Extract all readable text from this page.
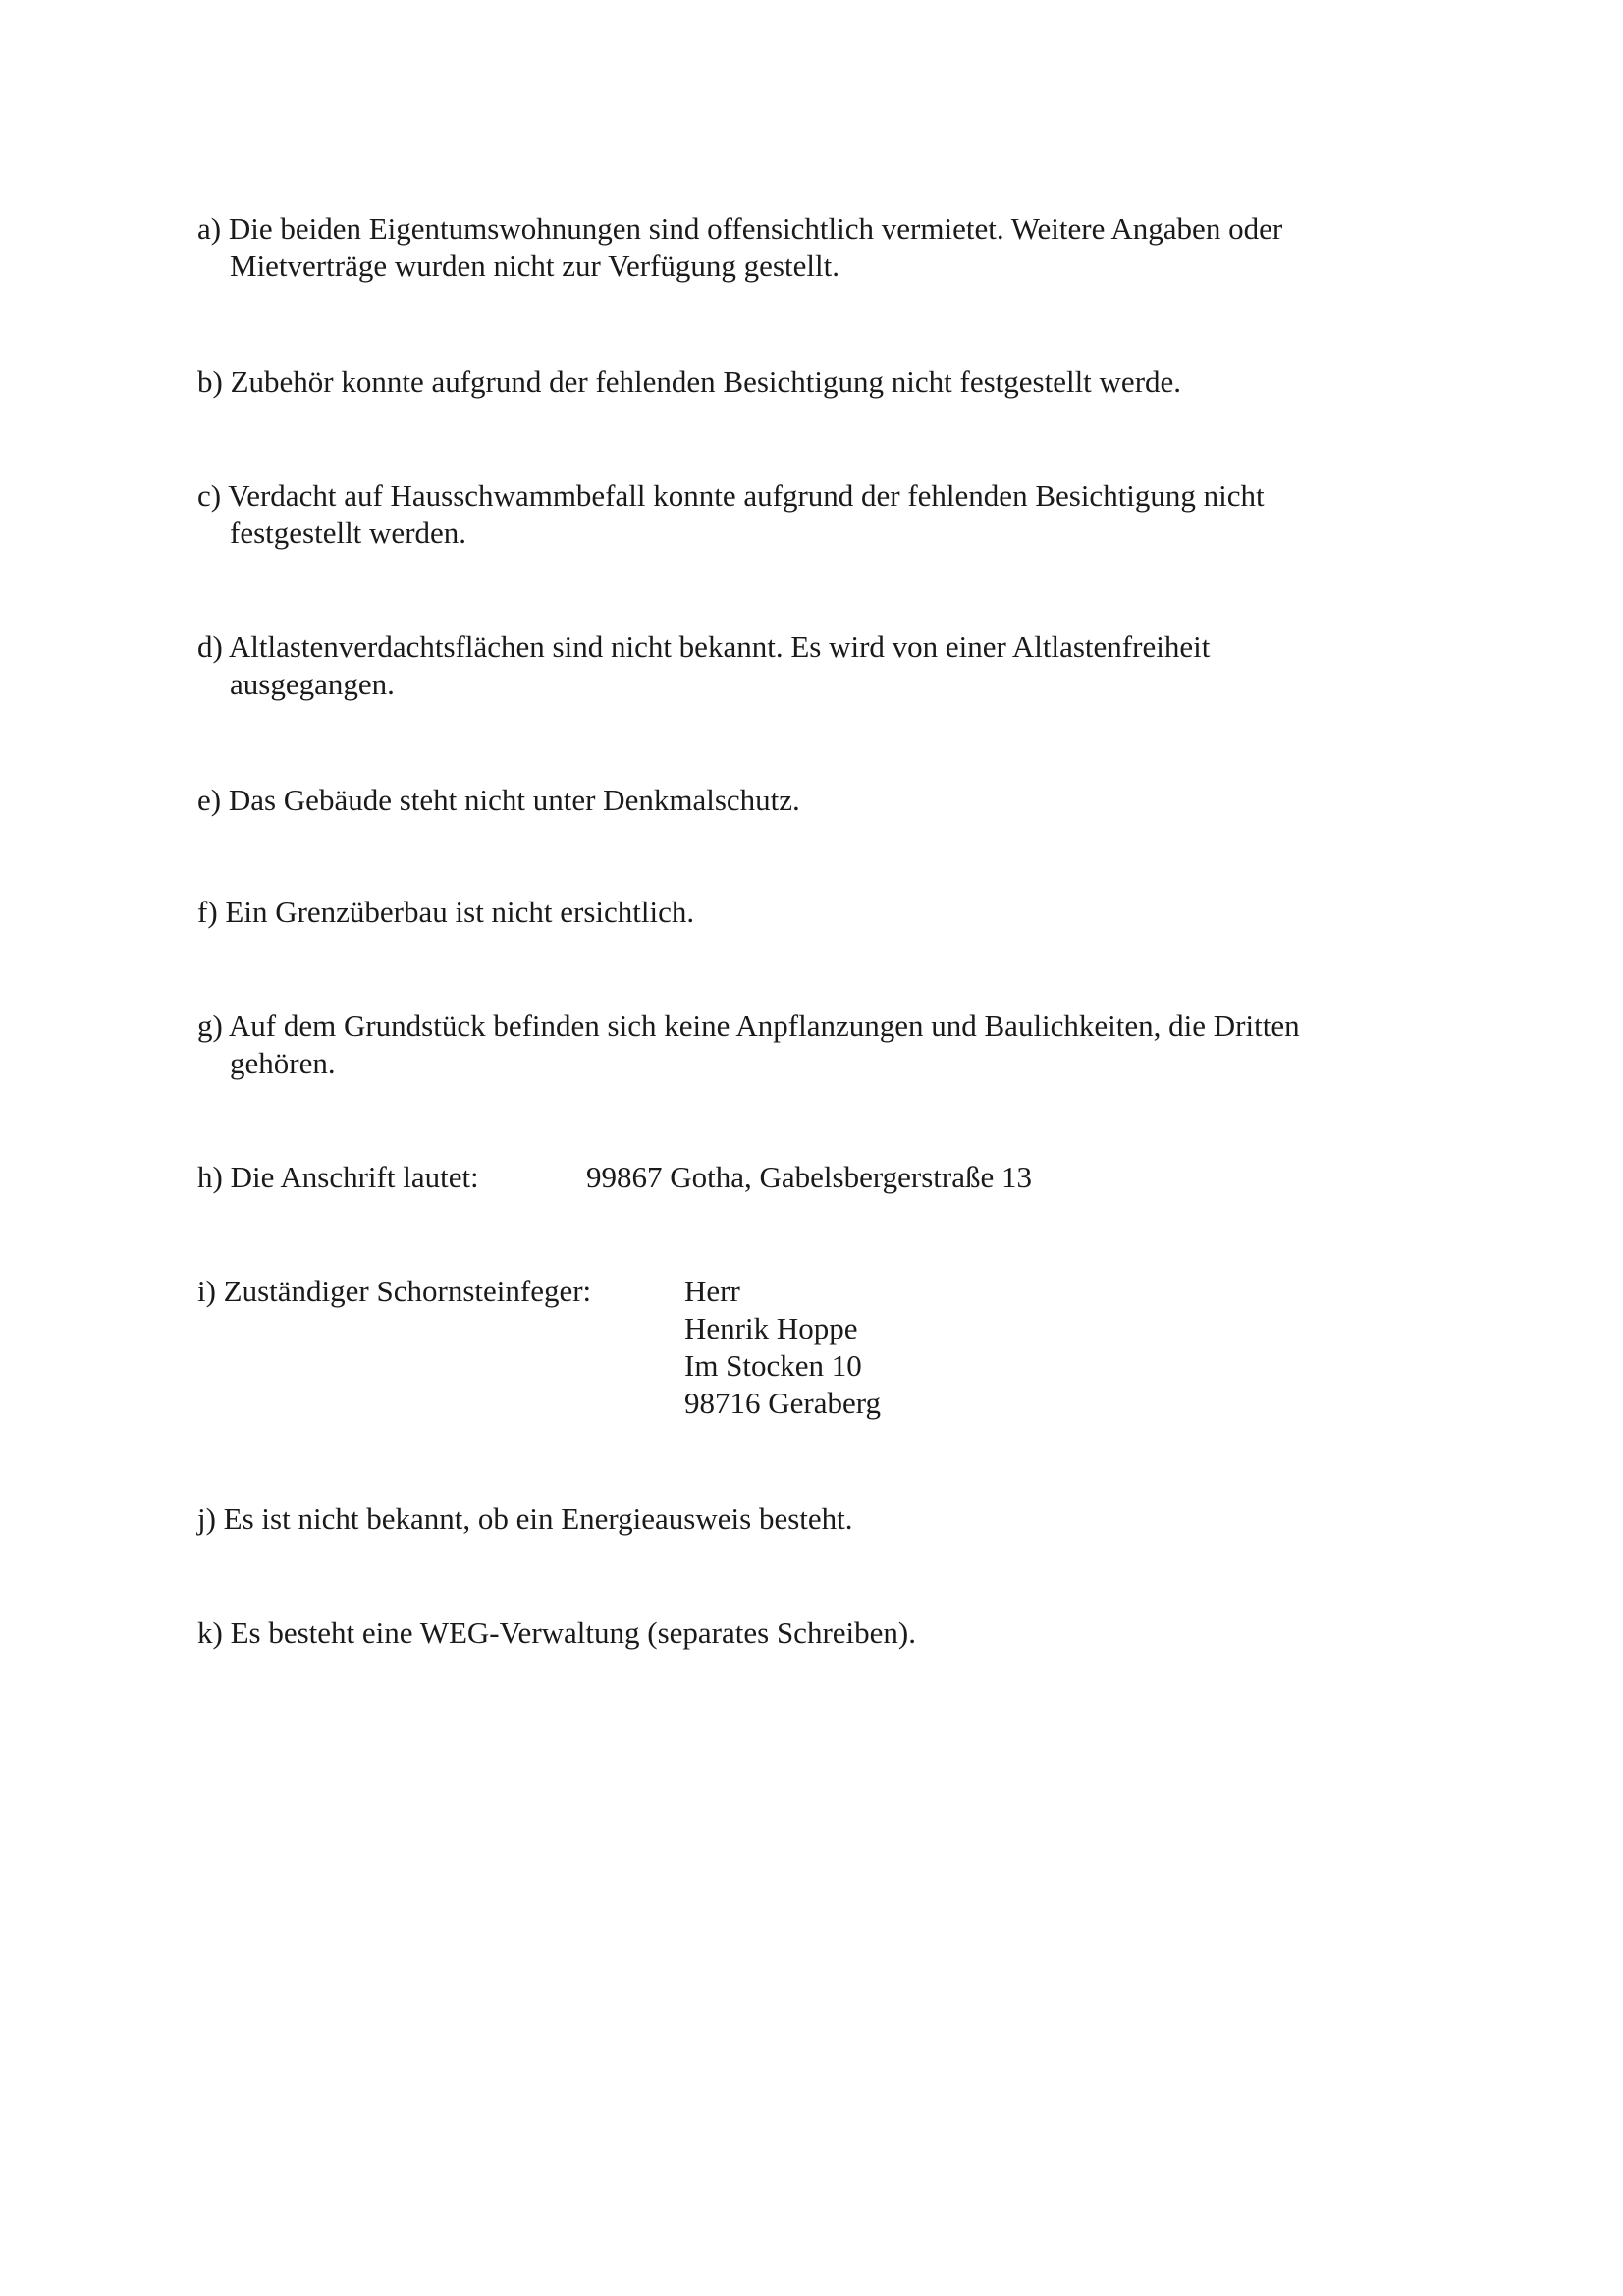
a) Die beiden Eigentumswohnungen sind offensichtlich vermietet. Weitere Angaben oder
Mietverträge wurden nicht zur Verfügung gestellt.
b) Zubehör konnte aufgrund der fehlenden Besichtigung nicht festgestellt werde.
c) Verdacht auf Hausschwammbefall konnte aufgrund der fehlenden Besichtigung nicht
festgestellt werden.
d) Altlastenverdachtsflächen sind nicht bekannt. Es wird von einer Altlastenfreiheit
ausgegangen.
e) Das Gebäude steht nicht unter Denkmalschutz.
f) Ein Grenzüberbau ist nicht ersichtlich.
g) Auf dem Grundstück befinden sich keine Anpflanzungen und Baulichkeiten, die Dritten
gehören.
h) Die Anschrift lautet:	99867 Gotha, Gabelsbergerstraße 13
i) Zuständiger Schornsteinfeger:	Herr
Henrik Hoppe
Im Stocken 10
98716 Geraberg
j) Es ist nicht bekannt, ob ein Energieausweis besteht.
k) Es besteht eine WEG-Verwaltung (separates Schreiben).
